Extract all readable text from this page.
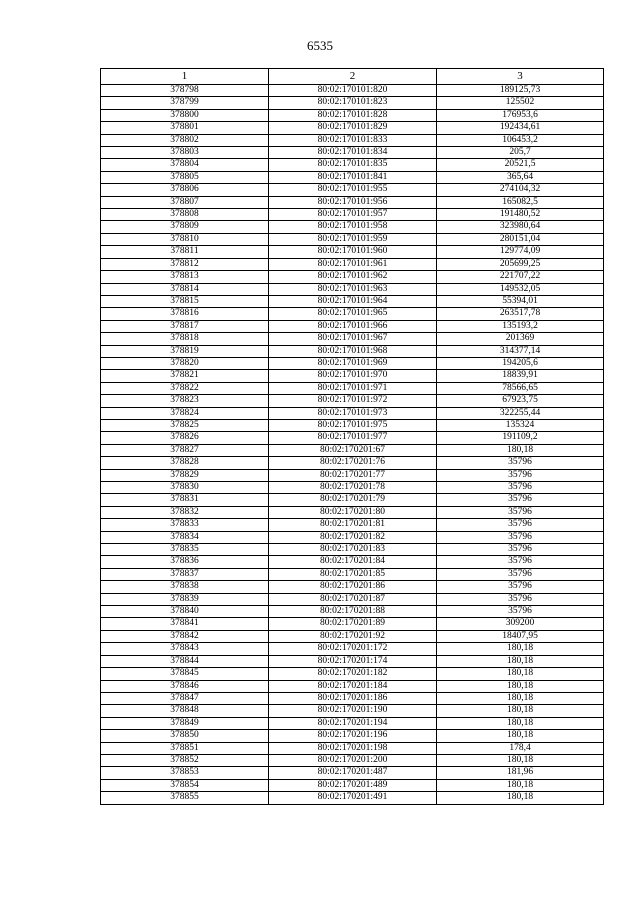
6535
1	2	3
378798	80:02:170101:820	189125,73
378799	80:02:170101:823	125502
378800	80:02:170101:828	176953,6
378801	80:02:170101:829	192434,61
378802	80:02:170101:833	106453,2
378803	80:02:170101:834	205,7
378804	80:02:170101:835	20521,5
378805	80:02:170101:841	365,64
378806	80:02:170101:955	274104,32
378807	80:02:170101:956	165082,5
378808	80:02:170101:957	191480,52
378809	80:02:170101:958	323980,64
378810	80:02:170101:959	280151,04
378811	80:02:170101:960	129774,09
378812	80:02:170101:961	205699,25
378813	80:02:170101:962	221707,22
378814	80:02:170101:963	149532,05
378815	80:02:170101:964	55394,01
378816	80:02:170101:965	263517,78
378817	80:02:170101:966	135193,2
378818	80:02:170101:967	201369
378819	80:02:170101:968	314377,14
378820	80:02:170101:969	194205,6
378821	80:02:170101:970	18839,91
378822	80:02:170101:971	78566,65
378823	80:02:170101:972	67923,75
378824	80:02:170101:973	322255,44
378825	80:02:170101:975	135324
378826	80:02:170101:977	191109,2
378827	80:02:170201:67	180,18
378828	80:02:170201:76	35796
378829	80:02:170201:77	35796
378830	80:02:170201:78	35796
378831	80:02:170201:79	35796
378832	80:02:170201:80	35796
378833	80:02:170201:81	35796
378834	80:02:170201:82	35796
378835	80:02:170201:83	35796
378836	80:02:170201:84	35796
378837	80:02:170201:85	35796
378838	80:02:170201:86	35796
378839	80:02:170201:87	35796
378840	80:02:170201:88	35796
378841	80:02:170201:89	309200
378842	80:02:170201:92	18407,95
378843	80:02:170201:172	180,18
378844	80:02:170201:174	180,18
378845	80:02:170201:182	180,18
378846	80:02:170201:184	180,18
378847	80:02:170201:186	180,18
378848	80:02:170201:190	180,18
378849	80:02:170201:194	180,18
378850	80:02:170201:196	180,18
378851	80:02:170201:198	178,4
378852	80:02:170201:200	180,18
378853	80:02:170201:487	181,96
378854	80:02:170201:489	180,18
378855	80:02:170201:491	180,18
